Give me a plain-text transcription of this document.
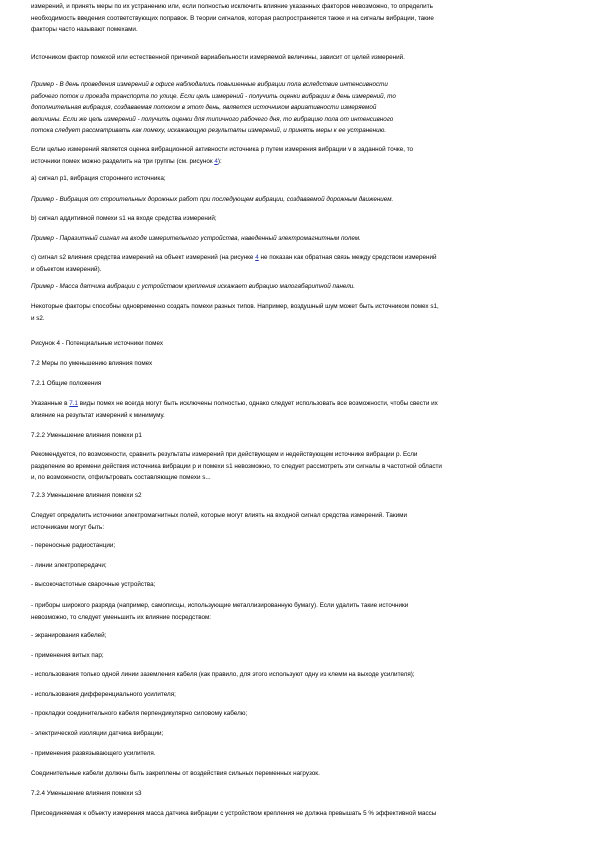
измерений, и принять меры по их устранению или, если полностью исключить влияние указанных факторов невозможно, то определить
необходимость введения соответствующих поправок. В теории сигналов, которая распространяется также и на сигналы вибрации, такие
факторы часто называют помехами.
Источником фактор помехой или естественной причиной вариабельности измеряемой величины, зависит от целей измерений.
Пример - В день проведения измерений в офисе наблюдались повышенные вибрации пола вследствие интенсивности
рабочего поток и проезда транспорта по улице. Если цель измерений - получить оценки вибрации в день измерений, то
дополнительная вибрация, создаваемая потоком в этот день, является источником вариативности измеряемой
величины. Если же цель измерений - получить оценки для типичного рабочего дня, то вибрацию пола от интенсивного
потока следует рассматривать как помеху, искажающую результаты измерений, и принять меры к ее устранению.
Если целью измерений является оценка вибрационной активности источника р путем измерения вибрации v в заданной точке, то
источники помех можно разделить на три группы (см. рисунок 4):
а) сигнал р1, вибрация стороннего источника;
Пример - Вибрация от строительных дорожных работ при последующем вибрации, создаваемой дорожным движением.
b) сигнал аддитивной помехи s1 на входе средства измерений;
Пример - Паразитный сигнал на входе измерительного устройства, наведенный электромагнитным полем.
c) сигнал s2 влияния средства измерений на объект измерений (на рисунке 4 не показан как обратная связь между средством измерений
и объектом измерений).
Пример - Масса датчика вибрации с устройством крепления искажает вибрацию малогабаритной панели.
Некоторые факторы способны одновременно создать помехи разных типов. Например, воздушный шум может быть источником помех s1,
и s2.
Рисунок 4 - Потенциальные источники помех
7.2 Меры по уменьшению влияния помех
7.2.1 Общие положения
Указанные в 7.1 виды помех не всегда могут быть исключены полностью, однако следует использовать все возможности, чтобы свести их
влияние на результат измерений к минимуму.
7.2.2 Уменьшение влияния помехи р1
Рекомендуется, по возможности, сравнить результаты измерений при действующем и недействующем источнике вибрации р. Если
разделение во времени действия источника вибрации р и помехи s1 невозможно, то следует рассмотреть эти сигналы в частотной области
и, по возможности, отфильтровать составляющие помехи s...
7.2.3 Уменьшение влияния помехи s2
Следует определить источники электромагнитных полей, которые могут влиять на входной сигнал средства измерений. Такими
источниками могут быть:
- переносные радиостанции;
- линии электропередачи;
- высокочастотные сварочные устройства;
- приборы широкого разряда (например, самописцы, использующие металлизированную бумагу). Если удалить такие источники
невозможно, то следует уменьшить их влияние посредством:
- экранирования кабелей;
- применения витых пар;
- использования только одной линии заземления кабеля (как правило, для этого используют одну из клемм на выходе усилителя);
- использования дифференциального усилителя;
- прокладки соединительного кабеля перпендикулярно силовому кабелю;
- электрической изоляции датчика вибрации;
- применения развязывающего усилителя.
Соединительные кабели должны быть закреплены от воздействия сильных переменных нагрузок.
7.2.4 Уменьшение влияния помехи s3
Присоединяемая к объекту измерения масса датчика вибрации с устройством крепления не должна превышать 5 % эффективной массы
